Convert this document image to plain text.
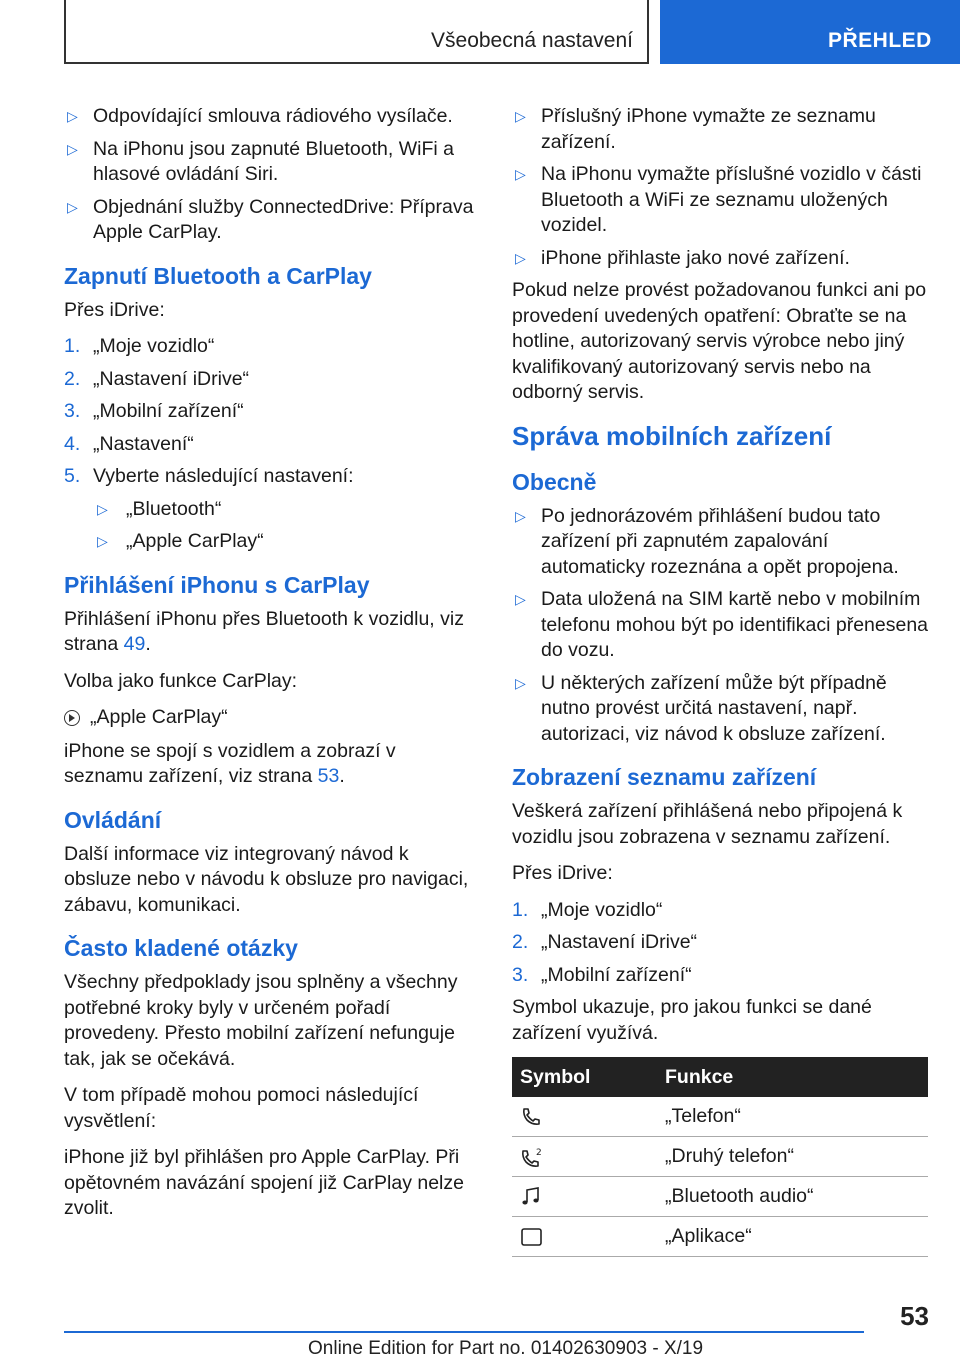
Všeobecná nastavení	PŘEHLED
▷ Odpovídající smlouva rádiového vysílače.
▷ Na iPhonu jsou zapnuté Bluetooth, WiFi a hlasové ovládání Siri.
▷ Objednání služby ConnectedDrive: Příprava Apple CarPlay.
Zapnutí Bluetooth a CarPlay

Přes iDrive:

1. „Moje vozidlo“
2. „Nastavení iDrive“
3. „Mobilní zařízení“
4. „Nastavení“
5. Vyberte následující nastavení:
▷ „Bluetooth“
▷ „Apple CarPlay“
Přihlášení iPhonu s CarPlay

Přihlášení iPhonu přes Bluetooth k vozidlu, viz strana 49.

Volba jako funkce CarPlay:

„Apple CarPlay“

iPhone se spojí s vozidlem a zobrazí v seznamu zařízení, viz strana 53.

Ovládání

Další informace viz integrovaný návod k obsluze nebo v návodu k obsluze pro navigaci, zábavu, komunikaci.

Často kladené otázky

Všechny předpoklady jsou splněny a všechny potřebné kroky byly v určeném pořadí provedeny. Přesto mobilní zařízení nefunguje tak, jak se očekává.

V tom případě mohou pomoci následující vysvětlení:

iPhone již byl přihlášen pro Apple CarPlay. Při opětovném navázání spojení již CarPlay nelze zvolit.

▷ Příslušný iPhone vymažte ze seznamu zařízení.
▷ Na iPhonu vymažte příslušné vozidlo v části Bluetooth a WiFi ze seznamu uložených vozidel.
▷ iPhone přihlaste jako nové zařízení.

Pokud nelze provést požadovanou funkci ani po provedení uvedených opatření: Obraťte se na hotline, autorizovaný servis výrobce nebo jiný kvalifikovaný autorizovaný servis nebo na odborný servis.

Správa mobilních zařízení
Obecně
▷ Po jednorázovém přihlášení budou tato zařízení při zapnutém zapalování automaticky rozeznána a opět propojena.
▷ Data uložená na SIM kartě nebo v mobilním telefonu mohou být po identifikaci přenesena do vozu.
▷ U některých zařízení může být případně nutno provést určitá nastavení, např. autorizaci, viz návod k obsluze zařízení.
Zobrazení seznamu zařízení

Veškerá zařízení přihlášená nebo připojená k vozidlu jsou zobrazena v seznamu zařízení.

Přes iDrive:

1. „Moje vozidlo“
2. „Nastavení iDrive“
3. „Mobilní zařízení“

Symbol ukazuje, pro jakou funkci se dané zařízení využívá.

Symbol	Funkce

	„Telefon“

2	„Druhý telefon“

	„Bluetooth audio“

	„Aplikace“
53
Online Edition for Part no. 01402630903 - X/19
